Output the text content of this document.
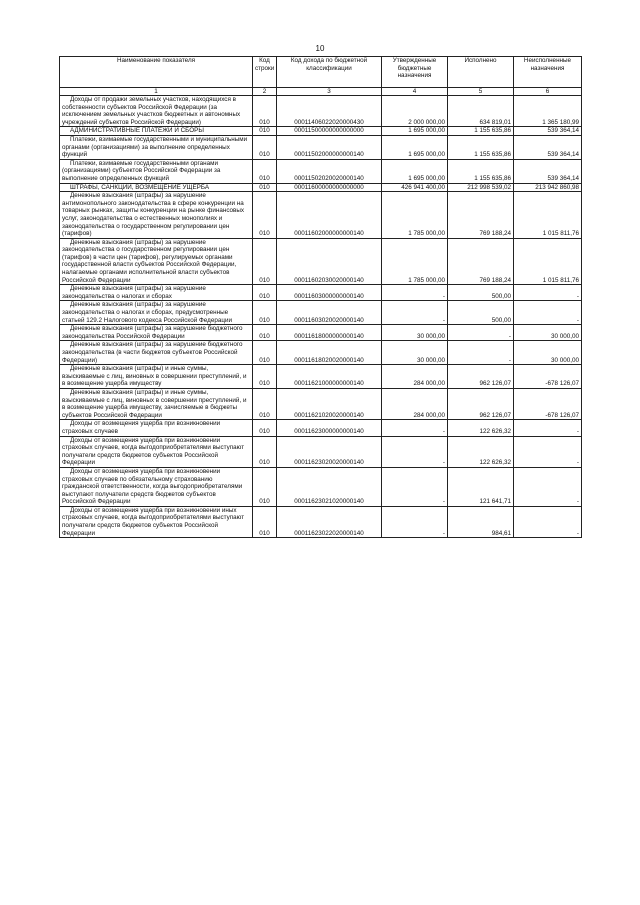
10
Наименование показателя	Код строки	Код дохода по бюджетной классификации	Утвержденные бюджетные назначения	Исполнено	Неисполненные назначения
1	2	3	4	5	6

Доходы от продажи земельных участков, находящихся в собственности субъектов Российской Федерации (за исключением земельных участков бюджетных и автономных учреждений субъектов Российской Федерации)	010	00011406022020000430	2 000 000,00	634 819,01	1 365 180,99

АДМИНИСТРАТИВНЫЕ ПЛАТЕЖИ И СБОРЫ	010	00011500000000000000	1 695 000,00	1 155 635,86	539 364,14

Платежи, взимаемые государственными и муниципальными органами (организациями) за выполнение определенных функций	010	00011502000000000140	1 695 000,00	1 155 635,86	539 364,14

Платежи, взимаемые государственными органами (организациями) субъектов Российской Федерации за выполнение определенных функций	010	00011502020020000140	1 695 000,00	1 155 635,86	539 364,14

ШТРАФЫ, САНКЦИИ, ВОЗМЕЩЕНИЕ УЩЕРБА	010	00011600000000000000	426 941 400,00	212 998 539,02	213 942 860,98

Денежные взыскания (штрафы) за нарушение антимонопольного законодательства в сфере конкуренции на товарных рынках, защиты конкуренции на рынке финансовых услуг, законодательства о естественных монополиях и законодательства о государственном регулировании цен (тарифов)	010	00011602000000000140	1 785 000,00	769 188,24	1 015 811,76

Денежные взыскания (штрафы) за нарушение законодательства о государственном регулировании цен (тарифов) в части цен (тарифов), регулируемых органами государственной власти субъектов Российской Федерации, налагаемые органами исполнительной власти субъектов Российской Федерации	010	00011602030020000140	1 785 000,00	769 188,24	1 015 811,76

Денежные взыскания (штрафы) за нарушение законодательства о налогах и сборах	010	00011603000000000140	-	500,00	-

Денежные взыскания (штрафы) за нарушение законодательства о налогах и сборах, предусмотренные статьей 129.2 Налогового кодекса Российской Федерации	010	00011603020020000140	-	500,00	-

Денежные взыскания (штрафы) за нарушение бюджетного законодательства Российской Федерации	010	00011618000000000140	30 000,00	-	30 000,00

Денежные взыскания (штрафы) за нарушение бюджетного законодательства (в части бюджетов субъектов Российской Федерации)	010	00011618020020000140	30 000,00	-	30 000,00

Денежные взыскания (штрафы) и иные суммы, взыскиваемые с лиц, виновных в совершении преступлений, и в возмещение ущерба имуществу	010	00011621000000000140	284 000,00	962 126,07	-678 126,07

Денежные взыскания (штрафы) и иные суммы, взыскиваемые с лиц, виновных в совершении преступлений, и в возмещение ущерба имуществу, зачисляемые в бюджеты субъектов Российской Федерации	010	00011621020020000140	284 000,00	962 126,07	-678 126,07

Доходы от возмещения ущерба при возникновении страховых случаев	010	00011623000000000140	-	122 626,32	-

Доходы от возмещения ущерба при возникновении страховых случаев, когда выгодоприобретателями выступают получатели средств бюджетов субъектов Российской Федерации	010	00011623020020000140	-	122 626,32	-

Доходы от возмещения ущерба при возникновении страховых случаев по обязательному страхованию гражданской ответственности, когда выгодоприобретателями выступают получатели средств бюджетов субъектов Российской Федерации	010	00011623021020000140	-	121 641,71	-

Доходы от возмещения ущерба при возникновении иных страховых случаев, когда выгодоприобретателями выступают получатели средств бюджетов субъектов Российской Федерации	010	00011623022020000140	-	984,61	-
